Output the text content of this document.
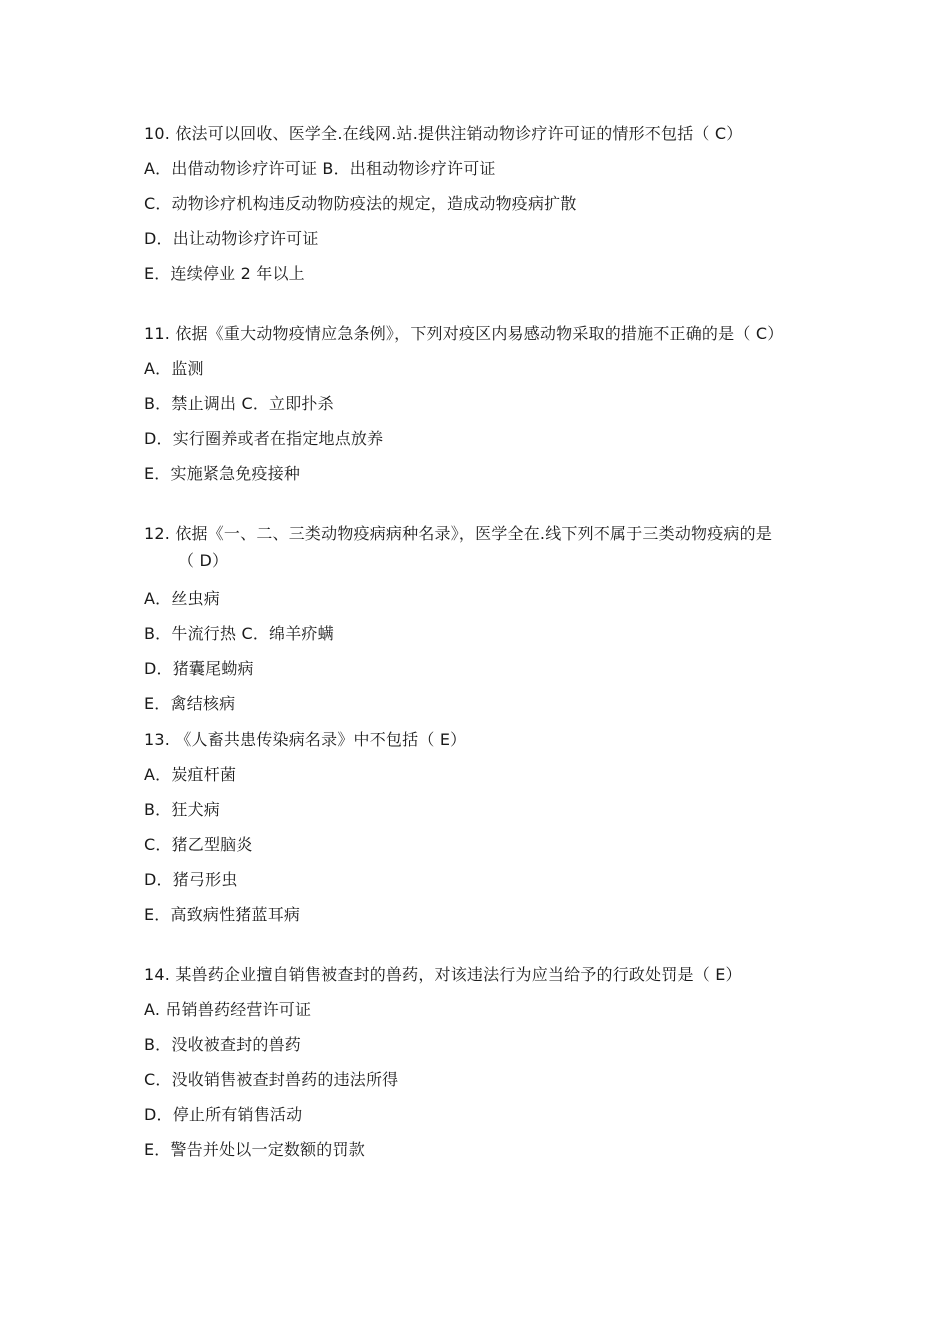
10. 依法可以回收、医学全.在线网.站.提供注销动物诊疗许可证的情形不包括（ C）
A．出借动物诊疗许可证 B．出租动物诊疗许可证
C．动物诊疗机构违反动物防疫法的规定，造成动物疫病扩散
D．出让动物诊疗许可证
E．连续停业 2 年以上
11. 依据《重大动物疫情应急条例》，下列对疫区内易感动物采取的措施不正确的是（ C）
A．监测
B．禁止调出 C．立即扑杀
D．实行圈养或者在指定地点放养
E．实施紧急免疫接种
12. 依据《一、二、三类动物疫病病种名录》，医学全在.线下列不属于三类动物疫病的是
（ D）
A．丝虫病
B．牛流行热 C．绵羊疥螨
D．猪囊尾蚴病
E．禽结核病
13. 《人畜共患传染病名录》中不包括（ E）
A．炭疽杆菌
B．狂犬病
C．猪乙型脑炎
D．猪弓形虫
E．高致病性猪蓝耳病
14. 某兽药企业擅自销售被查封的兽药，对该违法行为应当给予的行政处罚是（ E）
A. 吊销兽药经营许可证
B．没收被查封的兽药
C．没收销售被查封兽药的违法所得
D．停止所有销售活动
E．警告并处以一定数额的罚款
